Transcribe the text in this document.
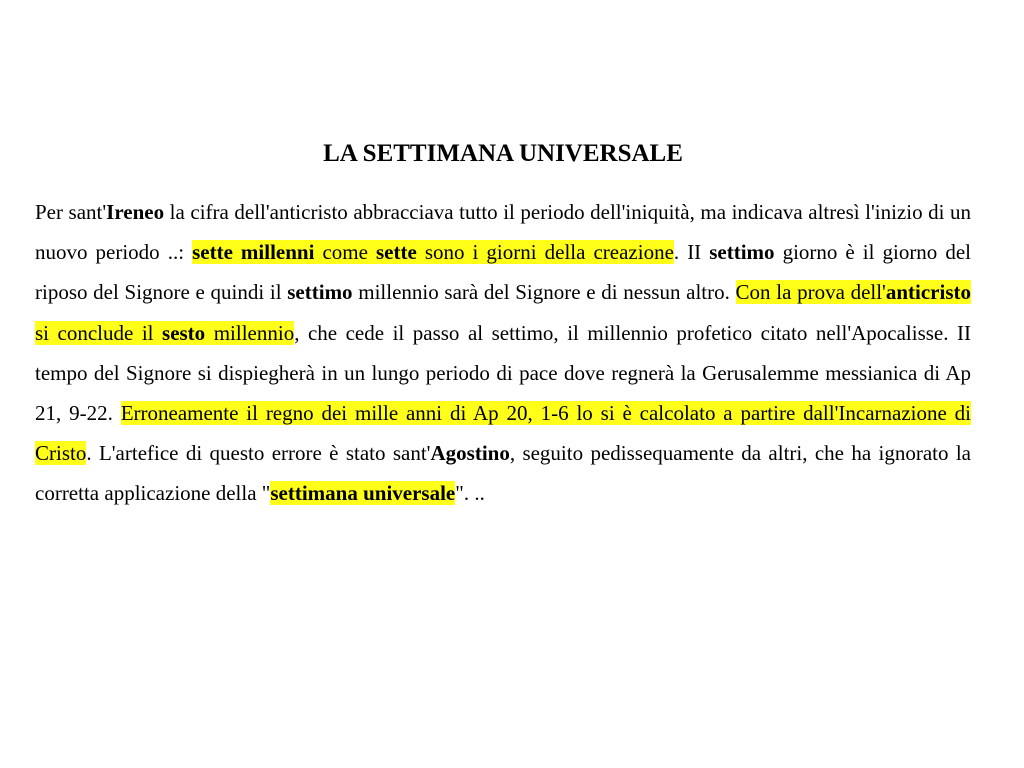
LA SETTIMANA UNIVERSALE

Per sant'Ireneo la cifra dell'anticristo abbracciava tutto il periodo dell'iniquità, ma indicava altresì l'inizio di un nuovo periodo ..: sette millenni come sette sono i giorni della creazione. II settimo giorno è il giorno del riposo del Signore e quindi il settimo millennio sarà del Signore e di nessun altro. Con la prova dell'anticristo si conclude il sesto millennio, che cede il passo al settimo, il millennio profetico citato nell'Apocalisse. II tempo del Signore si dispiegherà in un lungo periodo di pace dove regnerà la Gerusalemme messianica di Ap 21, 9-22. Erroneamente il regno dei mille anni di Ap 20, 1-6 lo si è calcolato a partire dall'Incarnazione di Cristo. L'artefice di questo errore è stato sant'Agostino, seguito pedissequamente da altri, che ha ignorato la corretta applicazione della "settimana universale". ..
